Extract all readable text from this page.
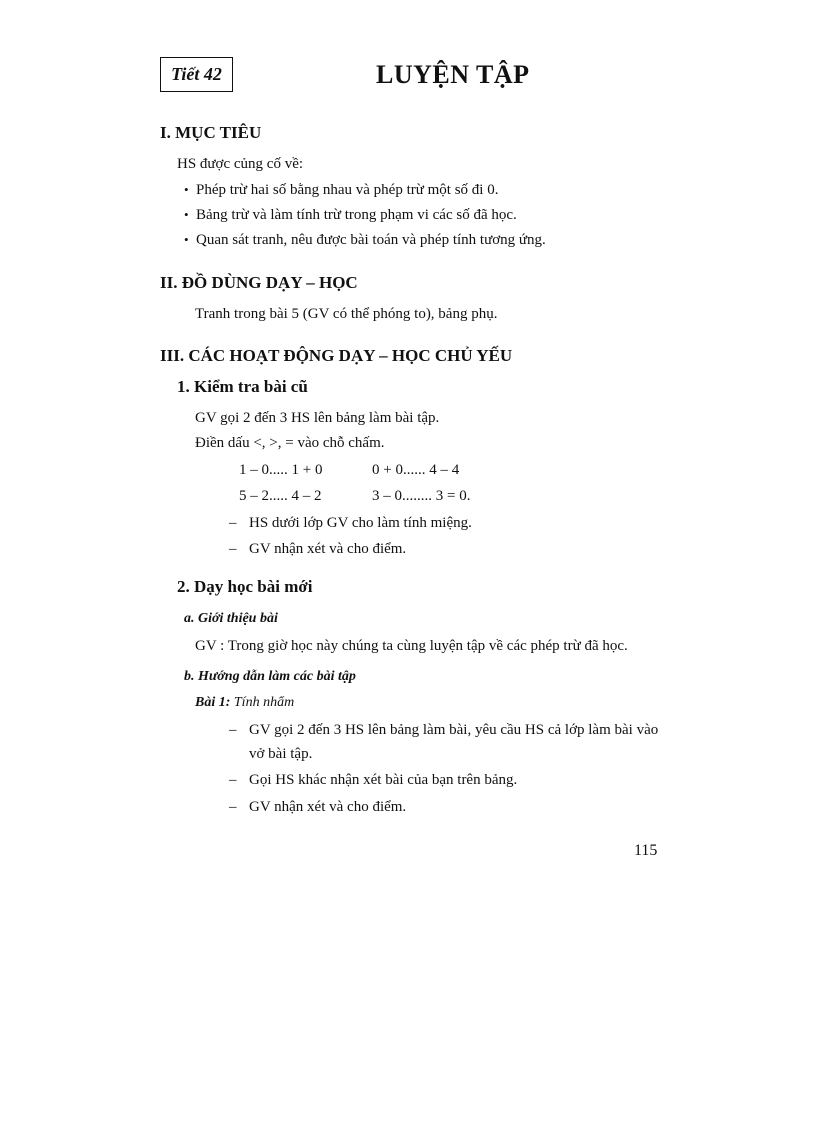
Tiết 42	LUYỆN TẬP
I. MỤC TIÊU
HS được củng cố về:
• Phép trừ hai số bằng nhau và phép trừ một số đi 0.
• Bảng trừ và làm tính trừ trong phạm vi các số đã học.
• Quan sát tranh, nêu được bài toán và phép tính tương ứng.
II. ĐỒ DÙNG DẠY – HỌC
Tranh trong bài 5 (GV có thể phóng to), bảng phụ.
III. CÁC HOẠT ĐỘNG DẠY – HỌC CHỦ YẾU
1. Kiểm tra bài cũ
GV gọi 2 đến 3 HS lên bảng làm bài tập.
Điền dấu <, >, = vào chỗ chấm.
1 – 0..... 1 + 0	0 + 0...... 4 – 4
5 – 2..... 4 – 2	3 – 0........ 3 = 0.
– HS dưới lớp GV cho làm tính miệng.
– GV nhận xét và cho điểm.
2. Dạy học bài mới
a. Giới thiệu bài
GV : Trong giờ học này chúng ta cùng luyện tập về các phép trừ đã học.
b. Hướng dẫn làm các bài tập
Bài 1: Tính nhẩm
– GV gọi 2 đến 3 HS lên bảng làm bài, yêu cầu HS cả lớp làm bài vào
vở bài tập.
– Gọi HS khác nhận xét bài của bạn trên bảng.
– GV nhận xét và cho điểm.
115
